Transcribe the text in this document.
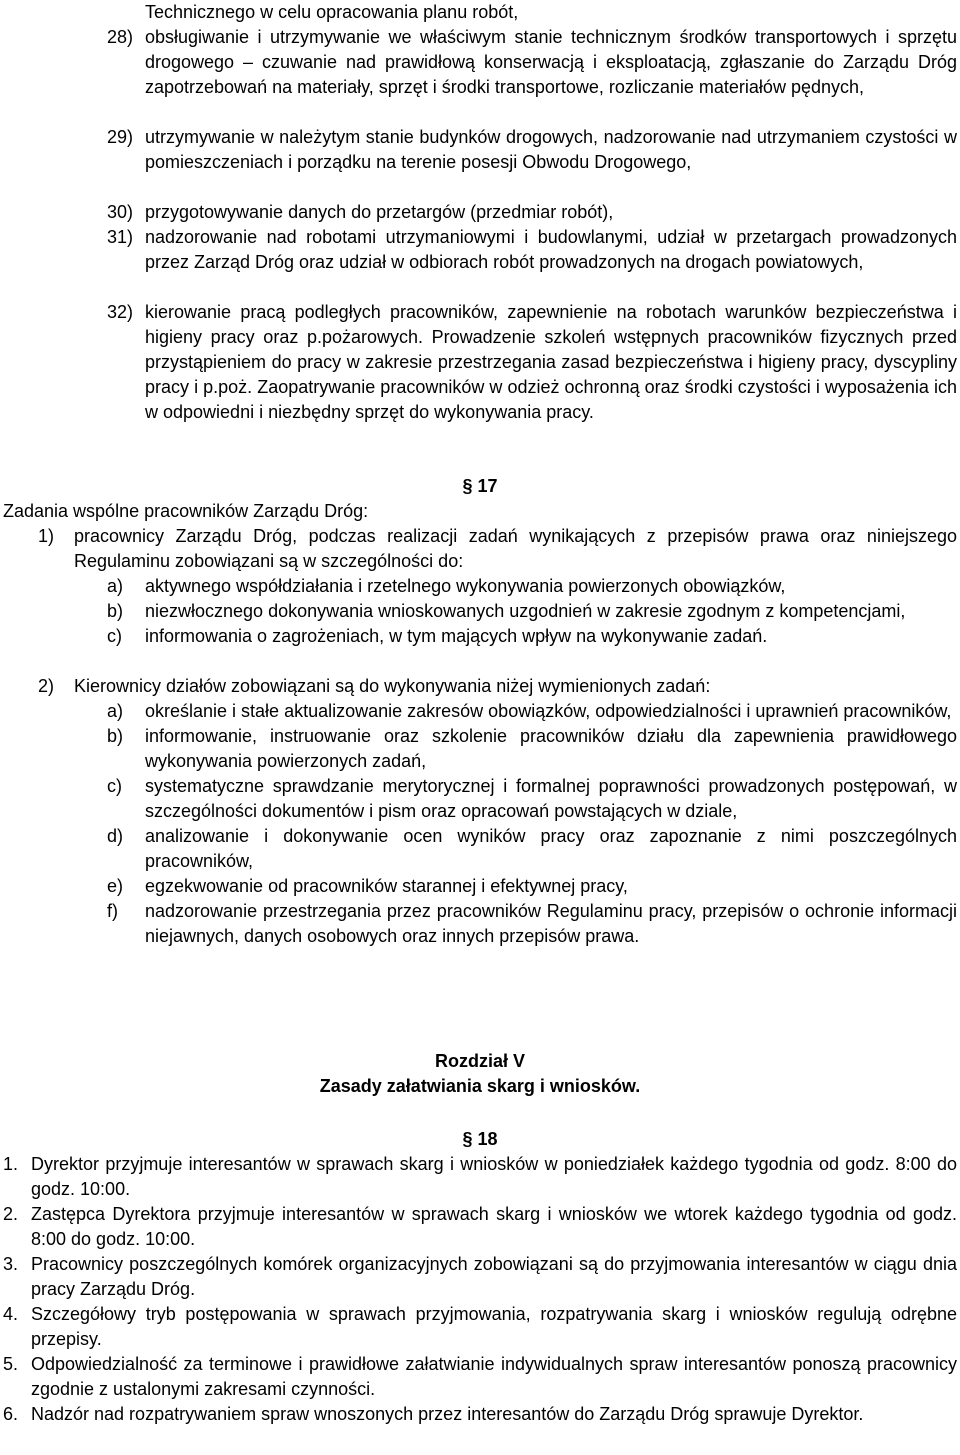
Technicznego w celu opracowania planu robót,

28) obsługiwanie i utrzymywanie we właściwym stanie technicznym środków transportowych i sprzętu drogowego – czuwanie nad prawidłową konserwacją i eksploatacją, zgłaszanie do Zarządu Dróg zapotrzebowań na materiały, sprzęt i środki transportowe, rozliczanie materiałów pędnych,

29) utrzymywanie w należytym stanie budynków drogowych, nadzorowanie nad utrzymaniem czystości w pomieszczeniach i porządku na terenie posesji Obwodu Drogowego,

30) przygotowywanie danych do przetargów (przedmiar robót),

31) nadzorowanie nad robotami utrzymaniowymi i budowlanymi, udział w przetargach prowadzonych przez Zarząd Dróg oraz udział w odbiorach robót prowadzonych na drogach powiatowych,

32) kierowanie pracą podległych pracowników, zapewnienie na robotach warunków bezpieczeństwa i higieny pracy oraz p.pożarowych. Prowadzenie szkoleń wstępnych pracowników fizycznych przed przystąpieniem do pracy w zakresie przestrzegania zasad bezpieczeństwa i higieny pracy, dyscypliny pracy i p.poż. Zaopatrywanie pracowników w odzież ochronną oraz środki czystości i wyposażenia ich w odpowiedni i niezbędny sprzęt do wykonywania pracy.

§ 17

Zadania wspólne pracowników Zarządu Dróg:

1) pracownicy Zarządu Dróg, podczas realizacji zadań wynikających z przepisów prawa oraz niniejszego Regulaminu zobowiązani są w szczególności do:

a) aktywnego współdziałania i rzetelnego wykonywania powierzonych obowiązków,

b) niezwłocznego dokonywania wnioskowanych uzgodnień w zakresie zgodnym z kompetencjami,

c) informowania o zagrożeniach, w tym mających wpływ na wykonywanie zadań.

2) Kierownicy działów zobowiązani są do wykonywania niżej wymienionych zadań:

a) określanie i stałe aktualizowanie zakresów obowiązków, odpowiedzialności i uprawnień pracowników,

b) informowanie, instruowanie oraz szkolenie pracowników działu dla zapewnienia prawidłowego wykonywania powierzonych zadań,

c) systematyczne sprawdzanie merytorycznej i formalnej poprawności prowadzonych postępowań, w szczególności dokumentów i pism oraz opracowań powstających w dziale,

d) analizowanie i dokonywanie ocen wyników pracy oraz zapoznanie z nimi poszczególnych pracowników,

e) egzekwowanie od pracowników starannej i efektywnej pracy,

f) nadzorowanie przestrzegania przez pracowników Regulaminu pracy, przepisów o ochronie informacji niejawnych, danych osobowych oraz innych przepisów prawa.

Rozdział V

Zasady załatwiania skarg i wniosków.

§ 18

1. Dyrektor przyjmuje interesantów w sprawach skarg i wniosków w poniedziałek każdego tygodnia od godz. 8:00 do godz. 10:00.

2. Zastępca Dyrektora przyjmuje interesantów w sprawach skarg i wniosków we wtorek każdego tygodnia od godz. 8:00 do godz. 10:00.

3. Pracownicy poszczególnych komórek organizacyjnych zobowiązani są do przyjmowania interesantów w ciągu dnia pracy Zarządu Dróg.

4. Szczegółowy tryb postępowania w sprawach przyjmowania, rozpatrywania skarg i wniosków regulują odrębne przepisy.

5. Odpowiedzialność za terminowe i prawidłowe załatwianie indywidualnych spraw interesantów ponoszą pracownicy zgodnie z ustalonymi zakresami czynności.

6. Nadzór nad rozpatrywaniem spraw wnoszonych przez interesantów do Zarządu Dróg sprawuje Dyrektor.
